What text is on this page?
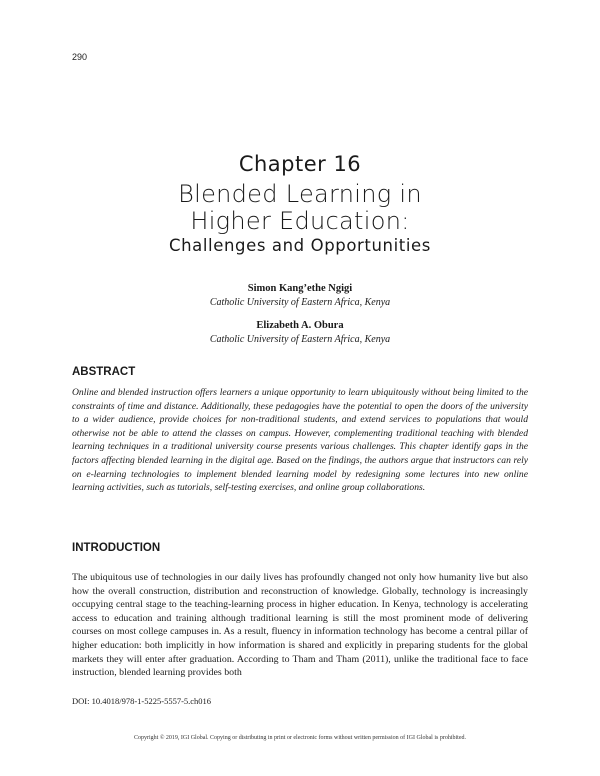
290
Chapter 16
Blended Learning in
Higher Education:
Challenges and Opportunities
Simon Kang’ethe Ngigi
Catholic University of Eastern Africa, Kenya
Elizabeth A. Obura
Catholic University of Eastern Africa, Kenya
ABSTRACT
Online and blended instruction offers learners a unique opportunity to learn ubiquitously without being limited to the constraints of time and distance. Additionally, these pedagogies have the potential to open the doors of the university to a wider audience, provide choices for non-traditional students, and extend services to populations that would otherwise not be able to attend the classes on campus. However, complementing traditional teaching with blended learning techniques in a traditional university course presents various challenges. This chapter identify gaps in the factors affecting blended learning in the digital age. Based on the findings, the authors argue that instructors can rely on e-learning technologies to implement blended learning model by redesigning some lectures into new online learning activities, such as tutorials, self-testing exercises, and online group collaborations.
INTRODUCTION
The ubiquitous use of technologies in our daily lives has profoundly changed not only how humanity live but also how the overall construction, distribution and reconstruction of knowledge. Globally, technology is increasingly occupying central stage to the teaching-learning process in higher education. In Kenya, technology is accelerating access to education and training although traditional learning is still the most prominent mode of delivering courses on most college campuses in. As a result, fluency in information technology has become a central pillar of higher education: both implicitly in how information is shared and explicitly in preparing students for the global markets they will enter after graduation. According to Tham and Tham (2011), unlike the traditional face to face instruction, blended learning provides both
DOI: 10.4018/978-1-5225-5557-5.ch016
Copyright © 2019, IGI Global. Copying or distributing in print or electronic forms without written permission of IGI Global is prohibited.
